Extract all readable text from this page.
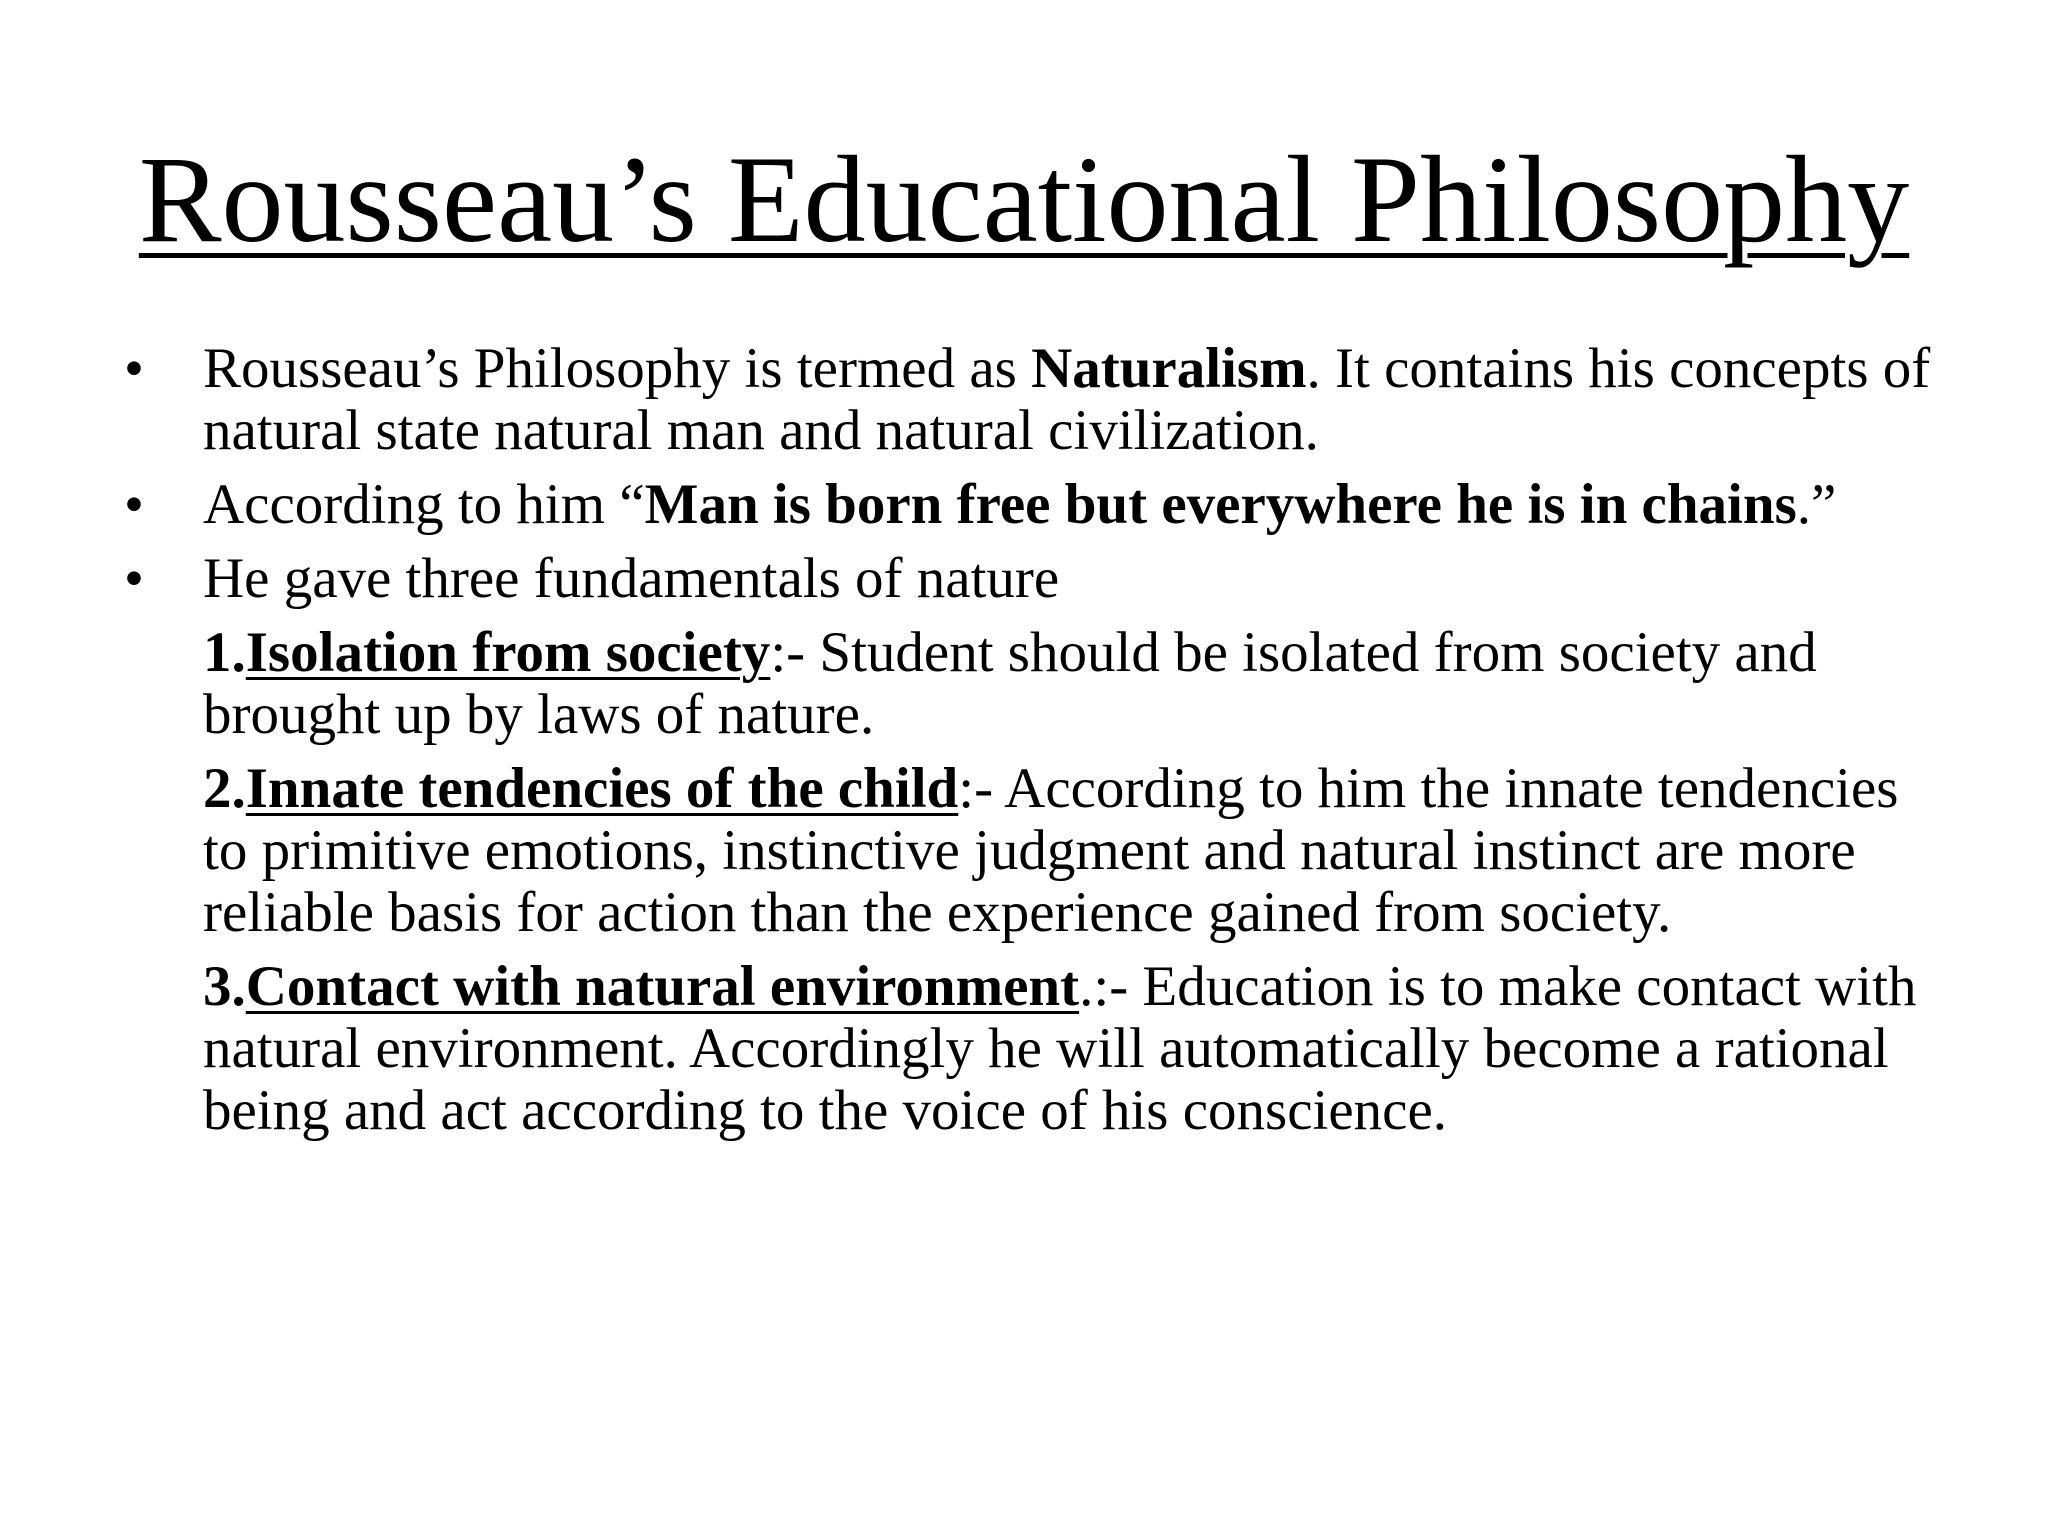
Rousseau’s Educational Philosophy

•	Rousseau’s Philosophy is termed as Naturalism. It contains his concepts of natural state natural man and natural civilization.

•	According to him “Man is born free but everywhere he is in chains.”

•	He gave three fundamentals of nature

1.Isolation from society:- Student should be isolated from society and brought up by laws of nature.

2.Innate tendencies of the child:- According to him the innate tendencies to primitive emotions, instinctive judgment and natural instinct are more reliable basis for action than the experience gained from society.

3.Contact with natural environment.:- Education is to make contact with natural environment. Accordingly he will automatically become a rational being and act according to the voice of his conscience.
